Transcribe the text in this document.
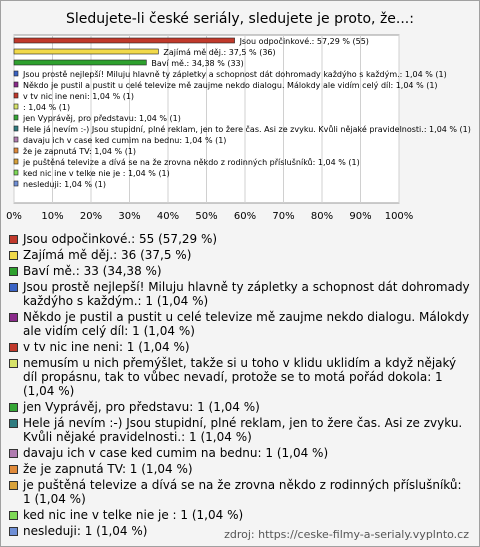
Sledujete-li české seriály, sledujete je proto, že...:
Jsou odpočinkové.: 57,29 % (55)
Zajímá mě děj.: 37,5 % (36)
Baví mě.: 34,38 % (33)
Jsou prostě nejlepší! Miluju hlavně ty zápletky a schopnost dát dohromady každýho s každým.: 1,04 % (1)
Někdo je pustil a pustit u celé televize mě zaujme nekdo dialogu. Málokdy ale vidím celý díl: 1,04 % (1)
v tv nic ine neni: 1,04 % (1)
: 1,04 % (1)
jen Vyprávěj, pro představu: 1,04 % (1)
Hele já nevím :-) Jsou stupidní, plné reklam, jen to žere čas. Asi ze zvyku. Kvůli nějaké pravidelnosti.: 1,04 % (1)
davaju ich v case ked cumim na bednu: 1,04 % (1)
že je zapnutá TV: 1,04 % (1)
je puštěná televize a dívá se na že zrovna někdo z rodinných příslušníků: 1,04 % (1)
ked nic ine v telke nie je : 1,04 % (1)
nesleduji: 1,04 % (1)
0% 10% 20% 30% 40% 50% 60% 70% 80% 90% 100%
Jsou odpočinkové.: 55 (57,29 %)
Zajímá mě děj.: 36 (37,5 %)
Baví mě.: 33 (34,38 %)
Jsou prostě nejlepší! Miluju hlavně ty zápletky a schopnost dát dohromady každýho s každým.: 1 (1,04 %)
Někdo je pustil a pustit u celé televize mě zaujme nekdo dialogu. Málokdy ale vidím celý díl: 1 (1,04 %)
v tv nic ine neni: 1 (1,04 %)
nemusím u nich přemýšlet, takže si u toho v klidu uklidím a když nějaký díl propásnu, tak to vůbec nevadí, protože se to motá pořád dokola: 1 (1,04 %)
jen Vyprávěj, pro představu: 1 (1,04 %)
Hele já nevím :-) Jsou stupidní, plné reklam, jen to žere čas. Asi ze zvyku. Kvůli nějaké pravidelnosti.: 1 (1,04 %)
davaju ich v case ked cumim na bednu: 1 (1,04 %)
že je zapnutá TV: 1 (1,04 %)
je puštěná televize a dívá se na že zrovna někdo z rodinných příslušníků: 1 (1,04 %)
ked nic ine v telke nie je : 1 (1,04 %)
nesleduji: 1 (1,04 %)	zdroj: https://ceske-filmy-a-serialy.vyplnto.cz
